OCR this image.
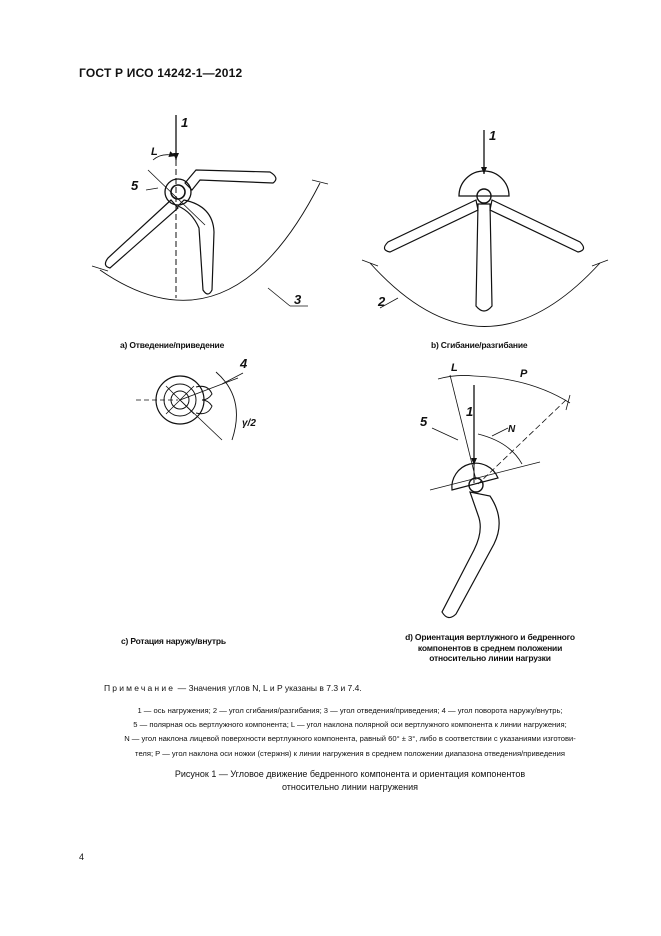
ГОСТ Р ИСО 14242-1—2012
1
L
5
3
а) Отведение/приведение
1
2
b) Сгибание/разгибание
4
γ/2
с) Ротация наружу/внутрь
L	P
1
5
N
d) Ориентация вертлужного и бедренного
компонентов в среднем положении
относительно линии нагрузки
Примечание — Значения углов N, L и P указаны в 7.3 и 7.4.
1 — ось нагружения; 2 — угол сгибания/разгибания; 3 — угол отведения/приведения; 4 — угол поворота наружу/внутрь;
5 — полярная ось вертлужного компонента; L — угол наклона полярной оси вертлужного компонента к линии нагружения;
N — угол наклона лицевой поверхности вертлужного компонента, равный 60° ± 3°, либо в соответствии с указаниями изготови-
теля; P — угол наклона оси ножки (стержня) к линии нагружения в среднем положении диапазона отведения/приведения
Рисунок 1 — Угловое движение бедренного компонента и ориентация компонентов
относительно линии нагружения
4
